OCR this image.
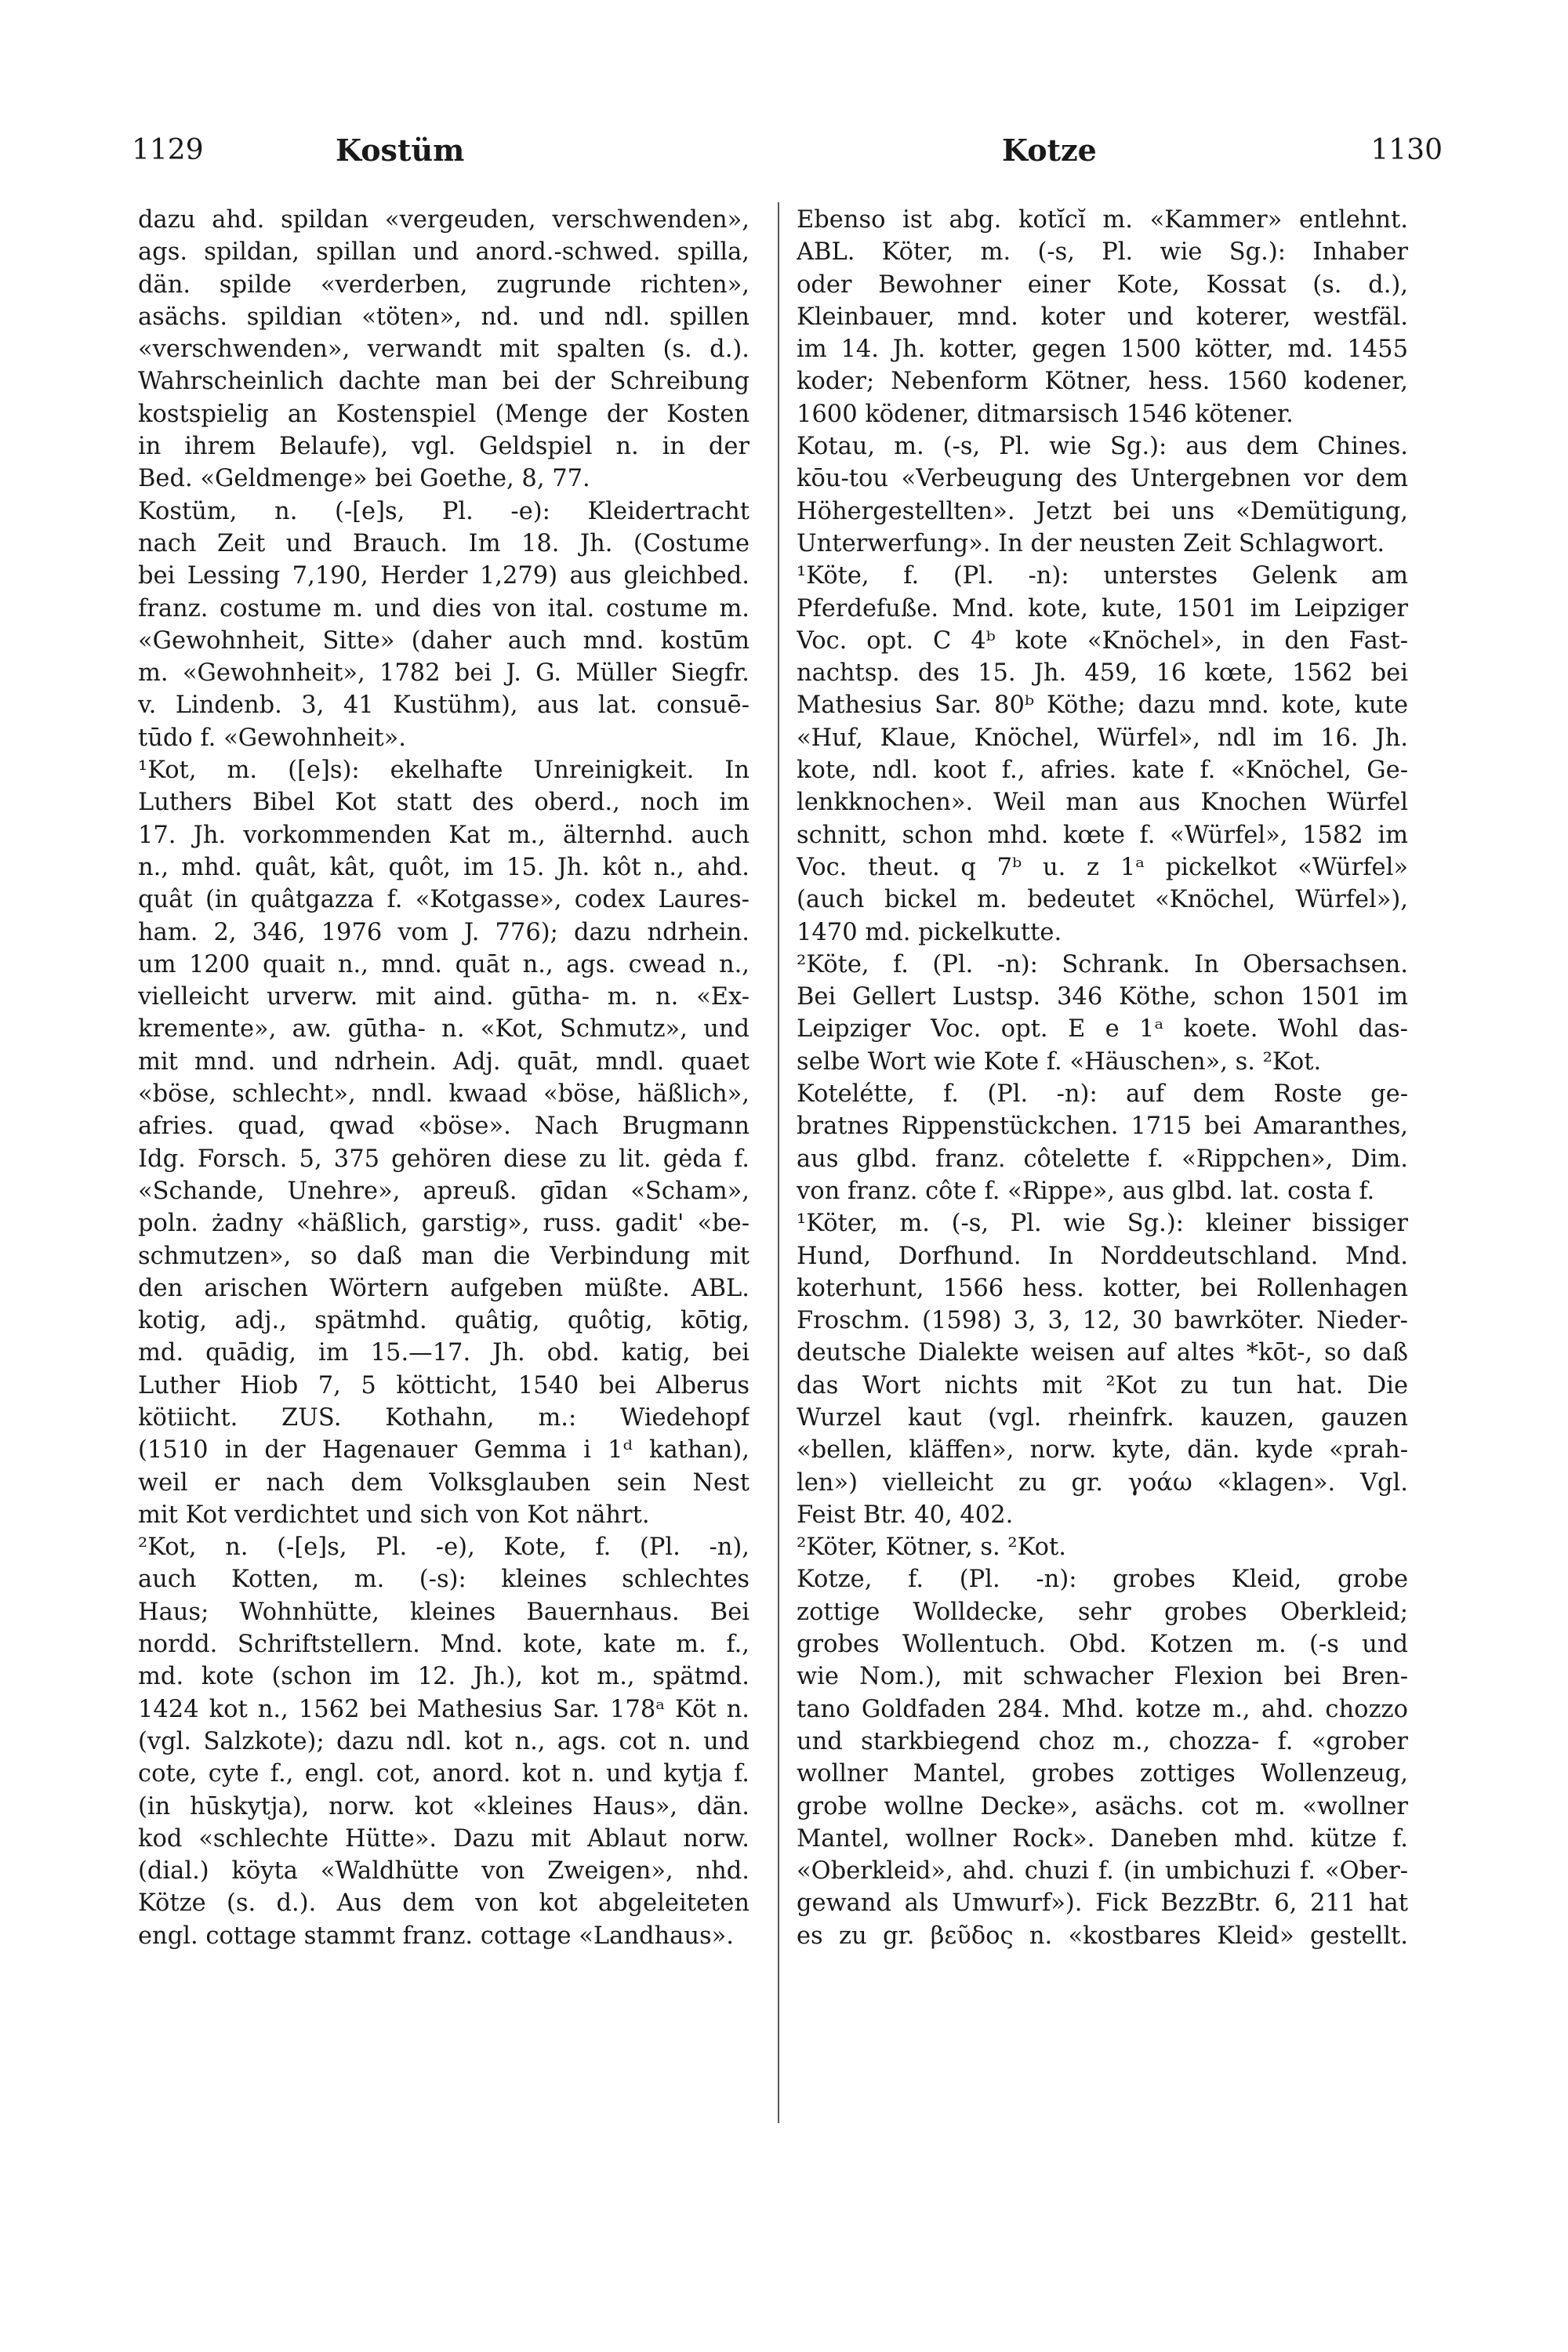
1129	Kostüm	Kotze	1130
dazu ahd. spildan «vergeuden, verschwenden»,
ags. spildan, spillan und anord.-schwed. spilla,
dän. spilde «verderben, zugrunde richten»,
asächs. spildian «töten», nd. und ndl. spillen
«verschwenden», verwandt mit spalten (s. d.).
Wahrscheinlich dachte man bei der Schreibung
kostspielig an Kostenspiel (Menge der Kosten
in ihrem Belaufe), vgl. Geldspiel n. in der
Bed. «Geldmenge» bei Goethe, 8, 77.
Kostüm, n. (-[e]s, Pl. -e): Kleidertracht
nach Zeit und Brauch. Im 18. Jh. (Costume
bei Lessing 7,190, Herder 1,279) aus gleichbed.
franz. costume m. und dies von ital. costume m.
«Gewohnheit, Sitte» (daher auch mnd. kostūm
m. «Gewohnheit», 1782 bei J. G. Müller Siegfr.
v. Lindenb. 3, 41 Kustühm), aus lat. consuē-
tūdo f. «Gewohnheit».
¹Kot, m. ([e]s): ekelhafte Unreinigkeit. In
Luthers Bibel Kot statt des oberd., noch im
17. Jh. vorkommenden Kat m., älternhd. auch
n., mhd. quât, kât, quôt, im 15. Jh. kôt n., ahd.
quât (in quâtgazza f. «Kotgasse», codex Laures-
ham. 2, 346, 1976 vom J. 776); dazu ndrhein.
um 1200 quait n., mnd. quāt n., ags. cwead n.,
vielleicht urverw. mit aind. gūtha- m. n. «Ex-
kremente», aw. gūtha- n. «Kot, Schmutz», und
mit mnd. und ndrhein. Adj. quāt, mndl. quaet
«böse, schlecht», nndl. kwaad «böse, häßlich»,
afries. quad, qwad «böse». Nach Brugmann
Idg. Forsch. 5, 375 gehören diese zu lit. gėda f.
«Schande, Unehre», apreuß. gīdan «Scham»,
poln. żadny «häßlich, garstig», russ. gadit' «be-
schmutzen», so daß man die Verbindung mit
den arischen Wörtern aufgeben müßte. ABL.
kotig, adj., spätmhd. quâtig, quôtig, kōtig,
md. quādig, im 15.—17. Jh. obd. katig, bei
Luther Hiob 7, 5 kötticht, 1540 bei Alberus
kötiicht. ZUS. Kothahn, m.: Wiedehopf
(1510 in der Hagenauer Gemma i 1ᵈ kathan),
weil er nach dem Volksglauben sein Nest
mit Kot verdichtet und sich von Kot nährt.
²Kot, n. (-[e]s, Pl. -e), Kote, f. (Pl. -n),
auch Kotten, m. (-s): kleines schlechtes
Haus; Wohnhütte, kleines Bauernhaus. Bei
nordd. Schriftstellern. Mnd. kote, kate m. f.,
md. kote (schon im 12. Jh.), kot m., spätmd.
1424 kot n., 1562 bei Mathesius Sar. 178ᵃ Köt n.
(vgl. Salzkote); dazu ndl. kot n., ags. cot n. und
cote, cyte f., engl. cot, anord. kot n. und kytja f.
(in hūskytja), norw. kot «kleines Haus», dän.
kod «schlechte Hütte». Dazu mit Ablaut norw.
(dial.) köyta «Waldhütte von Zweigen», nhd.
Kötze (s. d.). Aus dem von kot abgeleiteten
engl. cottage stammt franz. cottage «Landhaus».
Ebenso ist abg. kotĭcĭ m. «Kammer» entlehnt.
ABL. Köter, m. (-s, Pl. wie Sg.): Inhaber
oder Bewohner einer Kote, Kossat (s. d.),
Kleinbauer, mnd. koter und koterer, westfäl.
im 14. Jh. kotter, gegen 1500 kötter, md. 1455
koder; Nebenform Kötner, hess. 1560 kodener,
1600 ködener, ditmarsisch 1546 kötener.
Kotau, m. (-s, Pl. wie Sg.): aus dem Chines.
kōu-tou «Verbeugung des Untergebnen vor dem
Höhergestellten». Jetzt bei uns «Demütigung,
Unterwerfung». In der neusten Zeit Schlagwort.
¹Köte, f. (Pl. -n): unterstes Gelenk am
Pferdefuße. Mnd. kote, kute, 1501 im Leipziger
Voc. opt. C 4ᵇ kote «Knöchel», in den Fast-
nachtsp. des 15. Jh. 459, 16 kœte, 1562 bei
Mathesius Sar. 80ᵇ Köthe; dazu mnd. kote, kute
«Huf, Klaue, Knöchel, Würfel», ndl im 16. Jh.
kote, ndl. koot f., afries. kate f. «Knöchel, Ge-
lenkknochen». Weil man aus Knochen Würfel
schnitt, schon mhd. kœte f. «Würfel», 1582 im
Voc. theut. q 7ᵇ u. z 1ᵃ pickelkot «Würfel»
(auch bickel m. bedeutet «Knöchel, Würfel»),
1470 md. pickelkutte.
²Köte, f. (Pl. -n): Schrank. In Obersachsen.
Bei Gellert Lustsp. 346 Köthe, schon 1501 im
Leipziger Voc. opt. E e 1ᵃ koete. Wohl das-
selbe Wort wie Kote f. «Häuschen», s. ²Kot.
Kotelétte, f. (Pl. -n): auf dem Roste ge-
bratnes Rippenstückchen. 1715 bei Amaranthes,
aus glbd. franz. côtelette f. «Rippchen», Dim.
von franz. côte f. «Rippe», aus glbd. lat. costa f.
¹Köter, m. (-s, Pl. wie Sg.): kleiner bissiger
Hund, Dorfhund. In Norddeutschland. Mnd.
koterhunt, 1566 hess. kotter, bei Rollenhagen
Froschm. (1598) 3, 3, 12, 30 bawrköter. Nieder-
deutsche Dialekte weisen auf altes *kōt-, so daß
das Wort nichts mit ²Kot zu tun hat. Die
Wurzel kaut (vgl. rheinfrk. kauzen, gauzen
«bellen, kläffen», norw. kyte, dän. kyde «prah-
len») vielleicht zu gr. γοάω «klagen». Vgl.
Feist Btr. 40, 402.
²Köter, Kötner, s. ²Kot.
Kotze, f. (Pl. -n): grobes Kleid, grobe
zottige Wolldecke, sehr grobes Oberkleid;
grobes Wollentuch. Obd. Kotzen m. (-s und
wie Nom.), mit schwacher Flexion bei Bren-
tano Goldfaden 284. Mhd. kotze m., ahd. chozzo
und starkbiegend choz m., chozza- f. «grober
wollner Mantel, grobes zottiges Wollenzeug,
grobe wollne Decke», asächs. cot m. «wollner
Mantel, wollner Rock». Daneben mhd. kütze f.
«Oberkleid», ahd. chuzi f. (in umbichuzi f. «Ober-
gewand als Umwurf»). Fick BezzBtr. 6, 211 hat
es zu gr. βεῦδος n. «kostbares Kleid» gestellt.
